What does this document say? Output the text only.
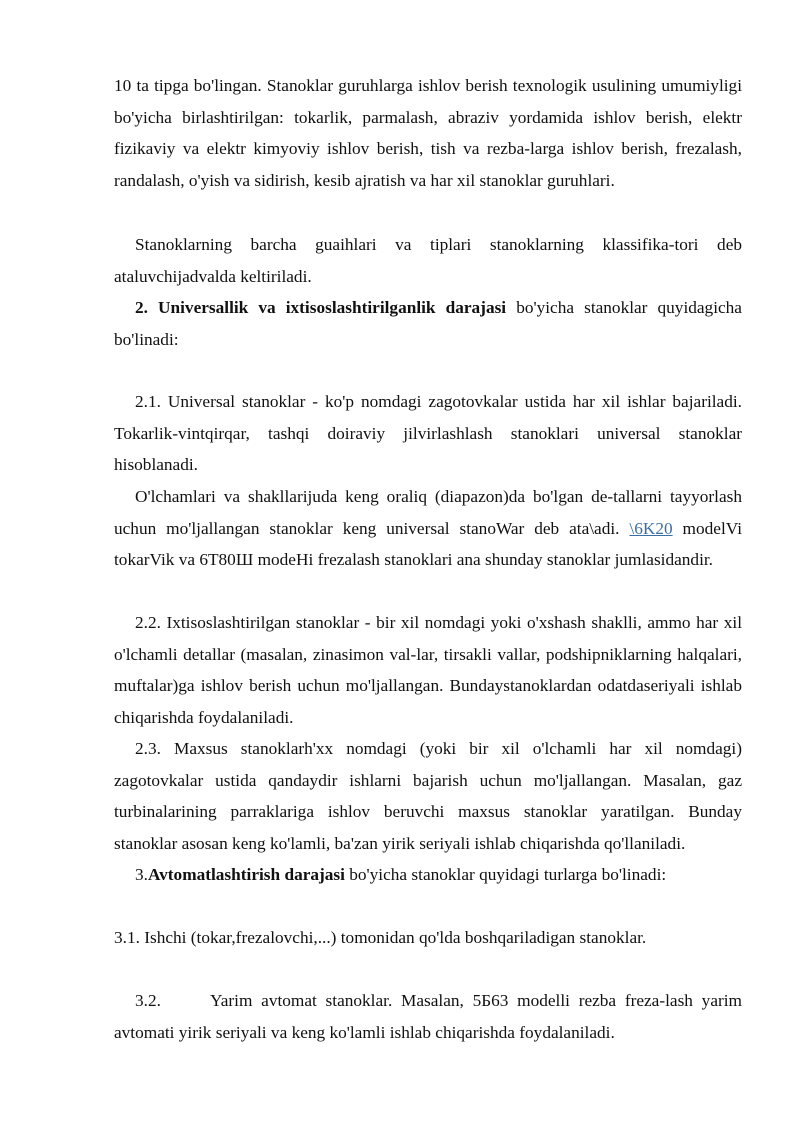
10 ta tipga bo'lingan. Stanoklar guruhlarga ishlov berish texnologik usulining umumiyligi bo'yicha birlashtirilgan: tokarlik, parmalash, abraziv yordamida ishlov berish, elektr fizikaviy va elektr kimyoviy ishlov berish, tish va rezba-larga ishlov berish, frezalash, randalash, o'yish va sidirish, kesib ajratish va har xil stanoklar guruhlari.

Stanoklarning barcha guaihlari va tiplari stanoklarning klassifika-tori deb ataluvchijadvalda keltiriladi.

2. Universallik va ixtisoslashtirilganlik darajasi bo'yicha stanoklar quyidagicha bo'linadi:

2.1. Universal stanoklar - ko'p nomdagi zagotovkalar ustida har xil ishlar bajariladi. Tokarlik-vintqirqar, tashqi doiraviy jilvirlashlash stanoklari universal stanoklar hisoblanadi.

O'lchamlari va shakllarijuda keng oraliq (diapazon)da bo'lgan de-tallarni tayyorlash uchun mo'ljallangan stanoklar keng universal stanoWar deb ata\adi. \6K20 modelVi tokarVik va 6T80Ш modeHi frezalash stanoklari ana shunday stanoklar jumlasidandir.

2.2. Ixtisoslashtirilgan stanoklar - bir xil nomdagi yoki o'xshash shaklli, ammo har xil o'lchamli detallar (masalan, zinasimon val-lar, tirsakli vallar, podshipniklarning halqalari, muftalar)ga ishlov berish uchun mo'ljallangan. Bundaystanoklardan odatdaseriyali ishlab chiqarishda foydalaniladi.

2.3. Maxsus stanoklarh'xx nomdagi (yoki bir xil o'lchamli har xil nomdagi) zagotovkalar ustida qandaydir ishlarni bajarish uchun mo'ljallangan. Masalan, gaz turbinalarining parraklariga ishlov beruvchi maxsus stanoklar yaratilgan. Bunday stanoklar asosan keng ko'lamli, ba'zan yirik seriyali ishlab chiqarishda qo'llaniladi.

3.Avtomatlashtirish darajasi bo'yicha stanoklar quyidagi turlarga bo'linadi:

3.1. Ishchi (tokar,frezalovchi,...) tomonidan qo'lda boshqariladigan stanoklar.

3.2.	Yarim avtomat stanoklar. Masalan, 5Б63 modelli rezba freza-lash yarim avtomati yirik seriyali va keng ko'lamli ishlab chiqarishda foydalaniladi.
